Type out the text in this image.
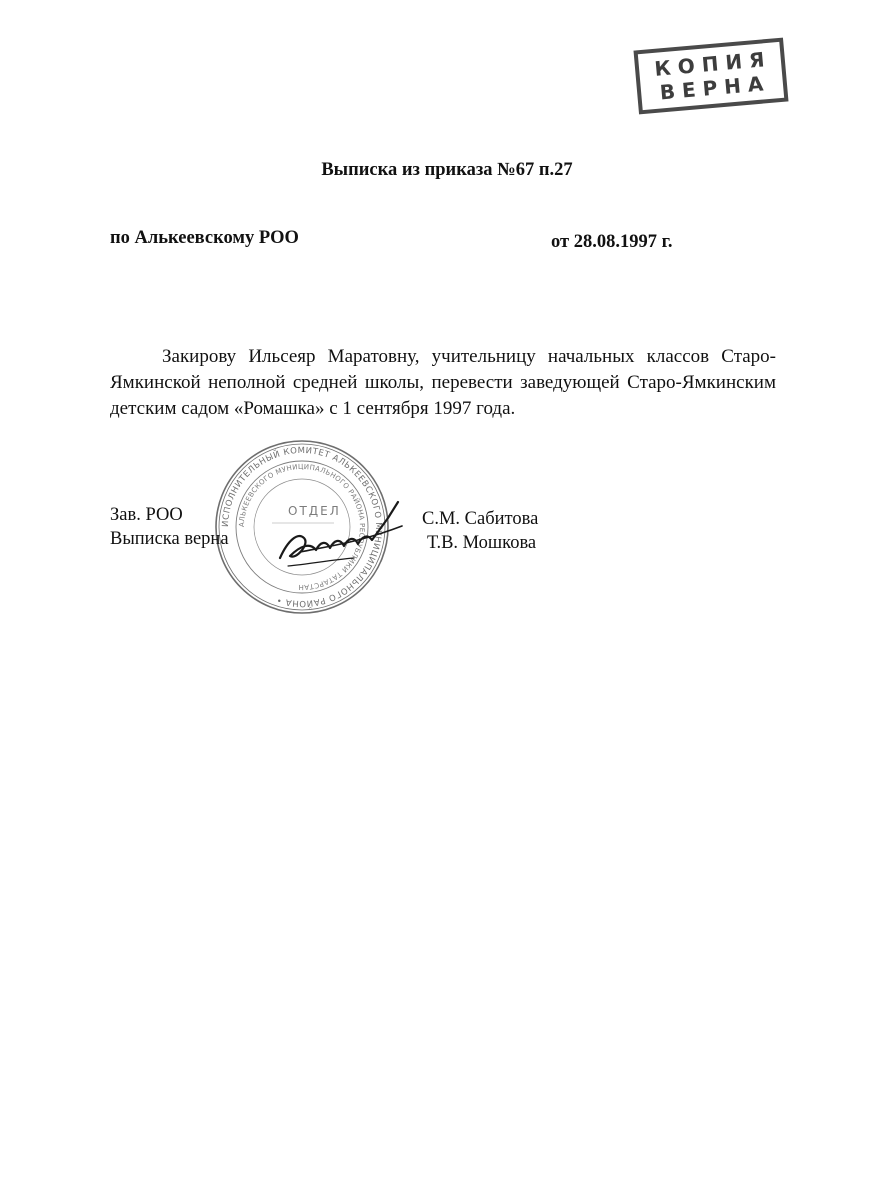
КОПИЯ
ВЕРНА
Выписка из приказа №67 п.27
по Алькеевскому РОО	от 28.08.1997 г.
Закирову Ильсеяр Маратовну, учительницу начальных классов Старо-Ямкинской неполной средней школы, перевести заведующей Старо-Ямкинским детским садом «Ромашка» с 1 сентября 1997 года.
ИСПОЛНИТЕЛЬНЫЙ КОМИТЕТ АЛЬКЕЕВСКОГО МУНИЦИПАЛЬНОГО РАЙОНА •
АЛЬКЕЕВСКОГО МУНИЦИПАЛЬНОГО РАЙОНА РЕСПУБЛИКИ ТАТАРСТАН
ОТДЕЛ
Зав. РОО
Выписка верна
С.М. Сабитова
Т.В. Мошкова
